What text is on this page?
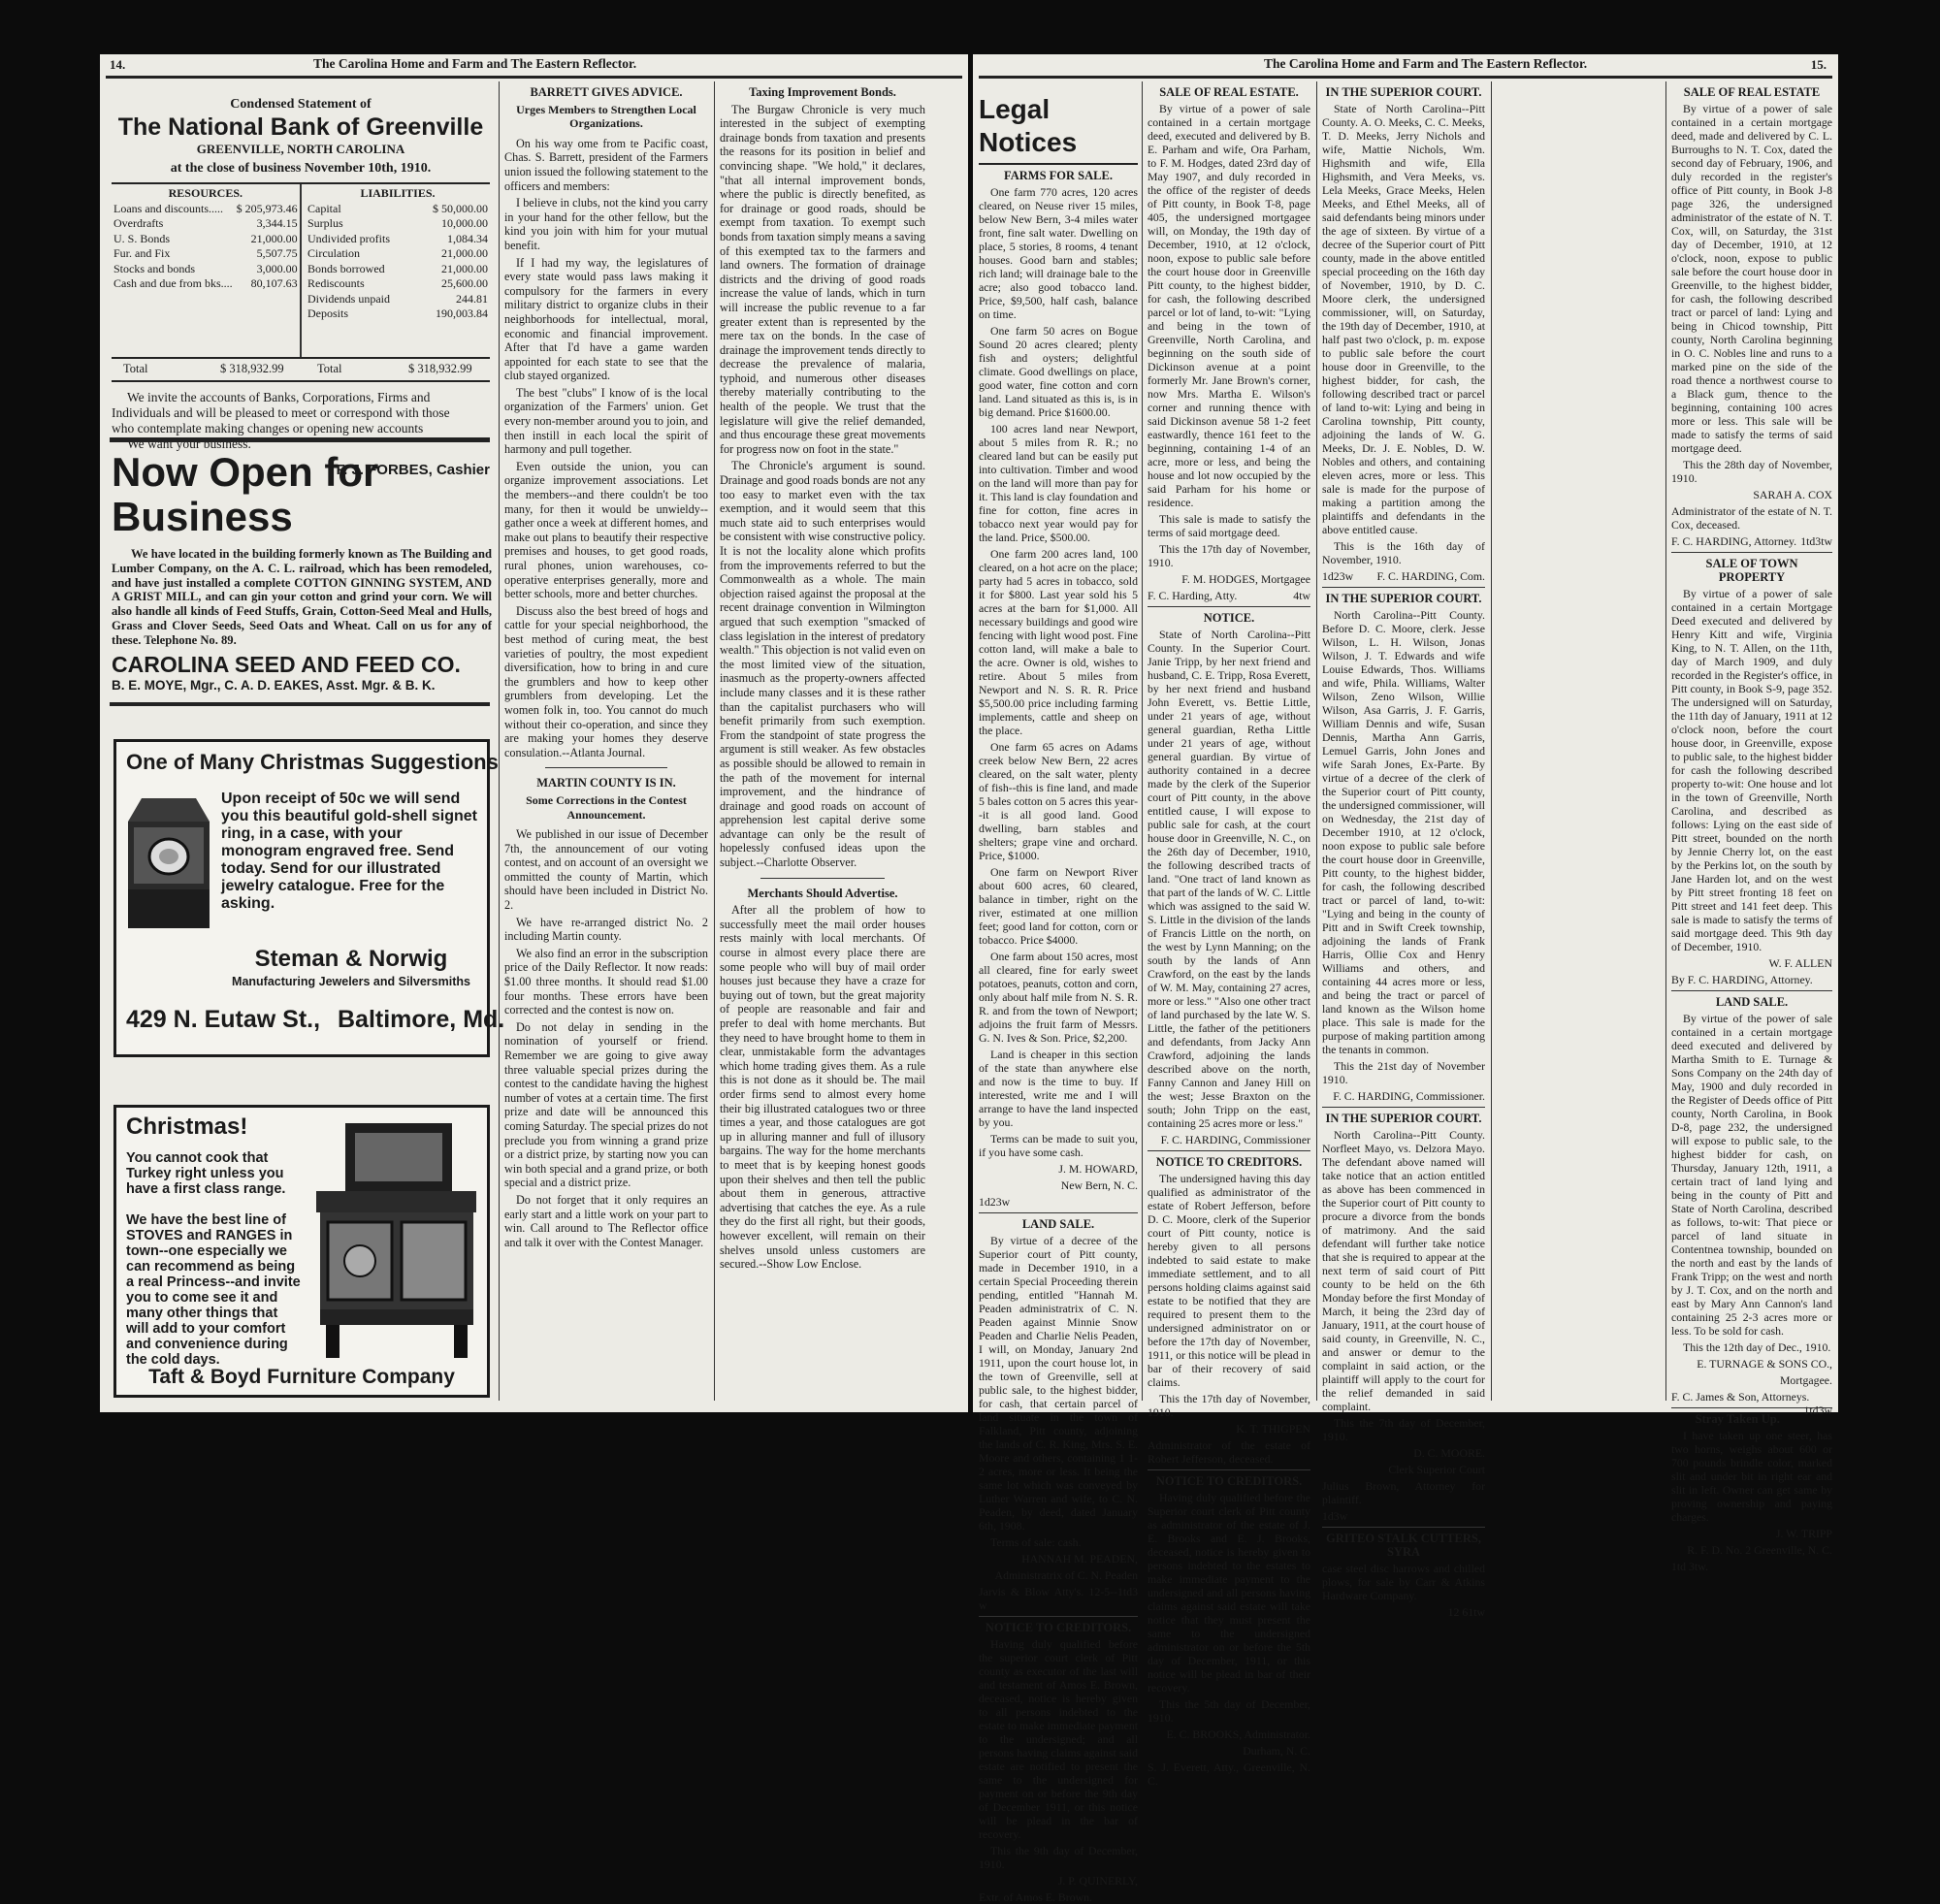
14.	The Carolina Home and Farm and The Eastern Reflector.
Condensed Statement of
The National Bank of Greenville
GREENVILLE, NORTH CAROLINA
at the close of business November 10th, 1910.
RESOURCES.	
Loans and discounts.....	$ 205,973.46
Overdrafts	3,344.15
U. S. Bonds	21,000.00
Fur. and Fix	5,507.75
Stocks and bonds	3,000.00
Cash and due from bks....	80,107.63
LIABILITIES.	
Capital	$ 50,000.00
Surplus	10,000.00
Undivided profits	1,084.34
Circulation	21,000.00
Bonds borrowed	21,000.00
Rediscounts	25,600.00
Dividends unpaid	244.81
Deposits	190,003.84
Total	$ 318,932.99	Total	$ 318,932.99
We invite the accounts of Banks, Corporations, Firms and
Individuals and will be pleased to meet or correspond with those
who contemplate making changes or opening new accounts
We want your business.
F. J. FORBES, Cashier
Now Open for
Business
We have located in the building formerly known as The Building and Lumber Company, on the A. C. L. railroad, which has been remodeled, and have just installed a complete COTTON GINNING SYSTEM, AND A GRIST MILL, and can gin your cotton and grind your corn. We will also handle all kinds of Feed Stuffs, Grain, Cotton-Seed Meal and Hulls, Grass and Clover Seeds, Seed Oats and Wheat. Call on us for any of these. Telephone No. 89.
CAROLINA SEED AND FEED CO.
B. E. MOYE, Mgr., C. A. D. EAKES, Asst. Mgr. & B. K.
One of Many Christmas Suggestions
Upon receipt of 50c we will send you this beautiful gold-shell signet ring, in a case, with your monogram engraved free. Send today. Send for our illustrated jewelry catalogue. Free for the asking.
Steman & Norwig
Manufacturing Jewelers and Silversmiths
429 N. Eutaw St., Baltimore, Md.
Christmas!
You cannot cook that Turkey right unless you have a first class range.
We have the best line of STOVES and RANGES in town--one especially we can recommend as being a real Princess--and invite you to come see it and many other things that will add to your comfort and convenience during the cold days.
Taft & Boyd Furniture Company
BARRETT GIVES ADVICE.
Urges Members to Strengthen Local Organizations.

On his way ome from te Pacific coast, Chas. S. Barrett, president of the Farmers union issued the following statement to the officers and members:

I believe in clubs, not the kind you carry in your hand for the other fellow, but the kind you join with him for your mutual benefit.

If I had my way, the legislatures of every state would pass laws making it compulsory for the farmers in every military district to organize clubs in their neighborhoods for intellectual, moral, economic and financial improvement. After that I'd have a game warden appointed for each state to see that the club stayed organized.

The best "clubs" I know of is the local organization of the Farmers' union. Get every non-member around you to join, and then instill in each local the spirit of harmony and pull together.

Even outside the union, you can organize improvement associations. Let the members--and there couldn't be too many, for then it would be unwieldy--gather once a week at different homes, and make out plans to beautify their respective premises and houses, to get good roads, rural phones, union warehouses, co-operative enterprises generally, more and better schools, more and better churches.

Discuss also the best breed of hogs and cattle for your special neighborhood, the best method of curing meat, the best varieties of poultry, the most expedient diversification, how to bring in and cure the grumblers and how to keep other grumblers from developing. Let the women folk in, too. You cannot do much without their co-operation, and since they are making your homes they deserve consulation.--Atlanta Journal.

MARTIN COUNTY IS IN.
Some Corrections in the Contest Announcement.

We published in our issue of December 7th, the announcement of our voting contest, and on account of an oversight we ommitted the county of Martin, which should have been included in District No. 2.

We have re-arranged district No. 2 including Martin county.

We also find an error in the subscription price of the Daily Reflector. It now reads: $1.00 three months. It should read $1.00 four months. These errors have been corrected and the contest is now on.

Do not delay in sending in the nomination of yourself or friend. Remember we are going to give away three valuable special prizes during the contest to the candidate having the highest number of votes at a certain time. The first prize and date will be announced this coming Saturday. The special prizes do not preclude you from winning a grand prize or a district prize, by starting now you can win both special and a grand prize, or both special and a district prize.

Do not forget that it only requires an early start and a little work on your part to win. Call around to The Reflector office and talk it over with the Contest Manager.

Taxing Improvement Bonds.

The Burgaw Chronicle is very much interested in the subject of exempting drainage bonds from taxation and presents the reasons for its position in belief and convincing shape. "We hold," it declares, "that all internal improvement bonds, where the public is directly benefited, as for drainage or good roads, should be exempt from taxation. To exempt such bonds from taxation simply means a saving of this exempted tax to the farmers and land owners. The formation of drainage districts and the driving of good roads increase the value of lands, which in turn will increase the public revenue to a far greater extent than is represented by the mere tax on the bonds. In the case of drainage the improvement tends directly to decrease the prevalence of malaria, typhoid, and numerous other diseases thereby materially contributing to the health of the people. We trust that the legislature will give the relief demanded, and thus encourage these great movements for progress now on foot in the state."

The Chronicle's argument is sound. Drainage and good roads bonds are not any too easy to market even with the tax exemption, and it would seem that this much state aid to such enterprises would be consistent with wise constructive policy. It is not the locality alone which profits from the improvements referred to but the Commonwealth as a whole. The main objection raised against the proposal at the recent drainage convention in Wilmington argued that such exemption "smacked of class legislation in the interest of predatory wealth." This objection is not valid even on the most limited view of the situation, inasmuch as the property-owners affected include many classes and it is these rather than the capitalist purchasers who will benefit primarily from such exemption. From the standpoint of state progress the argument is still weaker. As few obstacles as possible should be allowed to remain in the path of the movement for internal improvement, and the hindrance of drainage and good roads on account of apprehension lest capital derive some advantage can only be the result of hopelessly confused ideas upon the subject.--Charlotte Observer.

Merchants Should Advertise.

After all the problem of how to successfully meet the mail order houses rests mainly with local merchants. Of course in almost every place there are some people who will buy of mail order houses just because they have a craze for buying out of town, but the great majority of people are reasonable and fair and prefer to deal with home merchants. But they need to have brought home to them in clear, unmistakable form the advantages which home trading gives them. As a rule this is not done as it should be. The mail order firms send to almost every home their big illustrated catalogues two or three times a year, and those catalogues are got up in alluring manner and full of illusory bargains. The way for the home merchants to meet that is by keeping honest goods upon their shelves and then tell the public about them in generous, attractive advertising that catches the eye. As a rule they do the first all right, but their goods, however excellent, will remain on their shelves unsold unless customers are secured.--Show Low Enclose.

The Carolina Home and Farm and The Eastern Reflector.	15.
Legal Notices
FARMS FOR SALE.

One farm 770 acres, 120 acres cleared, on Neuse river 15 miles, below New Bern, 3-4 miles water front, fine salt water. Dwelling on place, 5 stories, 8 rooms, 4 tenant houses. Good barn and stables; rich land; will drainage bale to the acre; also good tobacco land. Price, $9,500, half cash, balance on time.

One farm 50 acres on Bogue Sound 20 acres cleared; plenty fish and oysters; delightful climate. Good dwellings on place, good water, fine cotton and corn land. Land situated as this is, is in big demand. Price $1600.00.

100 acres land near Newport, about 5 miles from R. R.; no cleared land but can be easily put into cultivation. Timber and wood on the land will more than pay for it. This land is clay foundation and fine for cotton, fine acres in tobacco next year would pay for the land. Price, $500.00.

One farm 200 acres land, 100 cleared, on a hot acre on the place; party had 5 acres in tobacco, sold it for $800. Last year sold his 5 acres at the barn for $1,000. All necessary buildings and good wire fencing with light wood post. Fine cotton land, will make a bale to the acre. Owner is old, wishes to retire. About 5 miles from Newport and N. S. R. R. Price $5,500.00 price including farming implements, cattle and sheep on the place.

One farm 65 acres on Adams creek below New Bern, 22 acres cleared, on the salt water, plenty of fish--this is fine land, and made 5 bales cotton on 5 acres this year--it is all good land. Good dwelling, barn stables and shelters; grape vine and orchard. Price, $1000.

One farm on Newport River about 600 acres, 60 cleared, balance in timber, right on the river, estimated at one million feet; good land for cotton, corn or tobacco. Price $4000.

One farm about 150 acres, most all cleared, fine for early sweet potatoes, peanuts, cotton and corn, only about half mile from N. S. R. R. and from the town of Newport; adjoins the fruit farm of Messrs. G. N. Ives & Son. Price, $2,200.

Land is cheaper in this section of the state than anywhere else and now is the time to buy. If interested, write me and I will arrange to have the land inspected by you.

Terms can be made to suit you, if you have some cash.

J. M. HOWARD,

New Bern, N. C.

1d23w

LAND SALE.

By virtue of a decree of the Superior court of Pitt county, made in December 1910, in a certain Special Proceeding therein pending, entitled "Hannah M. Peaden administratrix of C. N. Peaden against Minnie Snow Peaden and Charlie Nelis Peaden, I will, on Monday, January 2nd 1911, upon the court house lot, in the town of Greenville, sell at public sale, to the highest bidder, for cash, that certain parcel of land situate in the town of Falkland, Pitt county, adjoining the lands of C. R. King, Mrs. S. E. Moore and others, containing 1 1-2 acres, more or less. It being the same lot which was conveyed by Luther Warren and wife, to C. N. Peaden, by deed, dated January 6th, 1908.

Terms of sale: cash.

HANNAH M. PEADEN,

Administratrix of C. N. Peaden

Jarvis & Blow Atty's. 12-5--1td3 w

NOTICE TO CREDITORS.

Having duly qualified before the superior court clerk of Pitt county as executor of the last will and testament of Amos E. Brown, deceased, notice is hereby given to all persons indebted to the estate to make immediate payment to the undersigned; and all persons having claims against said estate are notified to present the same to the undersigned for payment on or before the 9th day of December 1911, or this notice will be plead in the bar of recovery.

This the 9th day of December, 1910.

J. P. QUINERLY,

Extr. of Amos E. Brown.

SALE OF REAL ESTATE.

By virtue of a power of sale contained in a certain mortgage deed, executed and delivered by B. E. Parham and wife, Ora Parham, to F. M. Hodges, dated 23rd day of May 1907, and duly recorded in the office of the register of deeds of Pitt county, in Book T-8, page 405, the undersigned mortgagee will, on Monday, the 19th day of December, 1910, at 12 o'clock, noon, expose to public sale before the court house door in Greenville Pitt county, to the highest bidder, for cash, the following described parcel or lot of land, to-wit: "Lying and being in the town of Greenville, North Carolina, and beginning on the south side of Dickinson avenue at a point formerly Mr. Jane Brown's corner, now Mrs. Martha E. Wilson's corner and running thence with said Dickinson avenue 58 1-2 feet eastwardly, thence 161 feet to the beginning, containing 1-4 of an acre, more or less, and being the house and lot now occupied by the said Parham for his home or residence.

This sale is made to satisfy the terms of said mortgage deed.

This the 17th day of November, 1910.

F. M. HODGES, Mortgagee

F. C. Harding, Atty.	4tw

NOTICE.

State of North Carolina--Pitt County. In the Superior Court. Janie Tripp, by her next friend and husband, C. E. Tripp, Rosa Everett, by her next friend and husband John Everett, vs. Bettie Little, under 21 years of age, without general guardian, Retha Little under 21 years of age, without general guardian. By virtue of authority contained in a decree made by the clerk of the Superior court of Pitt county, in the above entitled cause, I will expose to public sale for cash, at the court house door in Greenville, N. C., on the 26th day of December, 1910, the following described tracts of land. "One tract of land known as that part of the lands of W. C. Little which was assigned to the said W. S. Little in the division of the lands of Francis Little on the north, on the west by Lynn Manning; on the south by the lands of Ann Crawford, on the east by the lands of W. M. May, containing 27 acres, more or less." "Also one other tract of land purchased by the late W. S. Little, the father of the petitioners and defendants, from Jacky Ann Crawford, adjoining the lands described above on the north, Fanny Cannon and Janey Hill on the west; Jesse Braxton on the south; John Tripp on the east, containing 25 acres more or less."

F. C. HARDING, Commissioner

NOTICE TO CREDITORS.

The undersigned having this day qualified as administrator of the estate of Robert Jefferson, before D. C. Moore, clerk of the Superior court of Pitt county, notice is hereby given to all persons indebted to said estate to make immediate settlement, and to all persons holding claims against said estate to be notified that they are required to present them to the undersigned administrator on or before the 17th day of November, 1911, or this notice will be plead in bar of their recovery of said claims.

This the 17th day of November, 1910.

K. T. THIGPEN

Administrator of the estate of Robert Jefferson, deceased.

NOTICE TO CREDITORS.

Having duly qualified before the Superior court clerk of Pitt county as administrator of the estate of J. E. Brooks and E. J. Brooks, deceased, notice is hereby given to persons indebted to the estates to make immediate payment to the undersigned and all persons having claims against said estate will take notice that they must present the same to the undersigned administrator on or before the 5th day of December, 1911, or this notice will be plead in bar of their recovery.

This the 5th day of December, 1910.

E. C. BROOKS, Administrator.

Durham, N. C.

S. J. Everett, Atty., Greenville, N. C.

IN THE SUPERIOR COURT.

State of North Carolina--Pitt County. A. O. Meeks, C. C. Meeks, T. D. Meeks, Jerry Nichols and wife, Mattie Nichols, Wm. Highsmith and wife, Ella Highsmith, and Vera Meeks, vs. Lela Meeks, Grace Meeks, Helen Meeks, and Ethel Meeks, all of said defendants being minors under the age of sixteen. By virtue of a decree of the Superior court of Pitt county, made in the above entitled special proceeding on the 16th day of November, 1910, by D. C. Moore clerk, the undersigned commissioner, will, on Saturday, the 19th day of December, 1910, at half past two o'clock, p. m. expose to public sale before the court house door in Greenville, to the highest bidder, for cash, the following described tract or parcel of land to-wit: Lying and being in Carolina township, Pitt county, adjoining the lands of W. G. Meeks, Dr. J. E. Nobles, D. W. Nobles and others, and containing eleven acres, more or less. This sale is made for the purpose of making a partition among the plaintiffs and defendants in the above entitled cause.

This is the 16th day of November, 1910.

1d23w F. C. HARDING, Com.

IN THE SUPERIOR COURT.

North Carolina--Pitt County. Before D. C. Moore, clerk. Jesse Wilson, L. H. Wilson, Jonas Wilson, J. T. Edwards and wife Louise Edwards, Thos. Williams and wife, Phila. Williams, Walter Wilson, Zeno Wilson, Willie Wilson, Asa Garris, J. F. Garris, William Dennis and wife, Susan Dennis, Martha Ann Garris, Lemuel Garris, John Jones and wife Sarah Jones, Ex-Parte. By virtue of a decree of the clerk of the Superior court of Pitt county, the undersigned commissioner, will on Wednesday, the 21st day of December 1910, at 12 o'clock, noon expose to public sale before the court house door in Greenville, Pitt county, to the highest bidder, for cash, the following described tract or parcel of land, to-wit: "Lying and being in the county of Pitt and in Swift Creek township, adjoining the lands of Frank Harris, Ollie Cox and Henry Williams and others, and containing 44 acres more or less, and being the tract or parcel of land known as the Wilson home place. This sale is made for the purpose of making partition among the tenants in common.

This the 21st day of November 1910.

F. C. HARDING, Commissioner.

IN THE SUPERIOR COURT.

North Carolina--Pitt County. Norfleet Mayo, vs. Delzora Mayo. The defendant above named will take notice that an action entitled as above has been commenced in the Superior court of Pitt county to procure a divorce from the bonds of matrimony. And the said defendant will further take notice that she is required to appear at the next term of said court of Pitt county to be held on the 6th Monday before the first Monday of March, it being the 23rd day of January, 1911, at the court house of said county, in Greenville, N. C., and answer or demur to the complaint in said action, or the plaintiff will apply to the court for the relief demanded in said complaint.

This the 7th day of December, 1910.

D. C. MOORE.

Clerk Superior Court

Julius Brown, Attorney for plaintiff.

1d3w

GRITEO STALK CUTTERS, SYRA

case steel disc harrows and chilled plows, for sale by Carr & Atkins Hardware Company.

12 61tw

SALE OF REAL ESTATE

By virtue of a power of sale contained in a certain mortgage deed, made and delivered by C. L. Burroughs to N. T. Cox, dated the second day of February, 1906, and duly recorded in the register's office of Pitt county, in Book J-8 page 326, the undersigned administrator of the estate of N. T. Cox, will, on Saturday, the 31st day of December, 1910, at 12 o'clock, noon, expose to public sale before the court house door in Greenville, to the highest bidder, for cash, the following described tract or parcel of land: Lying and being in Chicod township, Pitt county, North Carolina beginning in O. C. Nobles line and runs to a marked pine on the side of the road thence a northwest course to a Black gum, thence to the beginning, containing 100 acres more or less. This sale will be made to satisfy the terms of said mortgage deed.

This the 28th day of November, 1910.

SARAH A. COX

Administrator of the estate of N. T. Cox, deceased.

F. C. HARDING, Attorney. 1td3tw

SALE OF TOWN PROPERTY

By virtue of a power of sale contained in a certain Mortgage Deed executed and delivered by Henry Kitt and wife, Virginia King, to N. T. Allen, on the 11th, day of March 1909, and duly recorded in the Register's office, in Pitt county, in Book S-9, page 352. The undersigned will on Saturday, the 11th day of January, 1911 at 12 o'clock noon, before the court house door, in Greenville, expose to public sale, to the highest bidder for cash the following described property to-wit: One house and lot in the town of Greenville, North Carolina, and described as follows: Lying on the east side of Pitt street, bounded on the north by Jennie Cherry lot, on the east by the Perkins lot, on the south by Jane Harden lot, and on the west by Pitt street fronting 18 feet on Pitt street and 141 feet deep. This sale is made to satisfy the terms of said mortgage deed. This 9th day of December, 1910.

W. F. ALLEN

By F. C. HARDING, Attorney.

LAND SALE.

By virtue of the power of sale contained in a certain mortgage deed executed and delivered by Martha Smith to E. Turnage & Sons Company on the 24th day of May, 1900 and duly recorded in the Register of Deeds office of Pitt county, North Carolina, in Book D-8, page 232, the undersigned will expose to public sale, to the highest bidder for cash, on Thursday, January 12th, 1911, a certain tract of land lying and being in the county of Pitt and State of North Carolina, described as follows, to-wit: That piece or parcel of land situate in Contentnea township, bounded on the north and east by the lands of Frank Tripp; on the west and north by J. T. Cox, and on the north and east by Mary Ann Cannon's land containing 25 2-3 acres more or less. To be sold for cash.

This the 12th day of Dec., 1910.

E. TURNAGE & SONS CO.,

Mortgagee.

F. C. James & Son, Attorneys.
1td3w

Stray Taken Up.

I have taken up one steer, has two horns, weighs about 600 or 700 pounds brindle color, marked slit and under bit in right ear and slit in left. Owner can get same by proving ownership and paying charges.

J. W. TRIPP

R. F. D. No. 2 Greenville, N. C.

1td 3tw.
